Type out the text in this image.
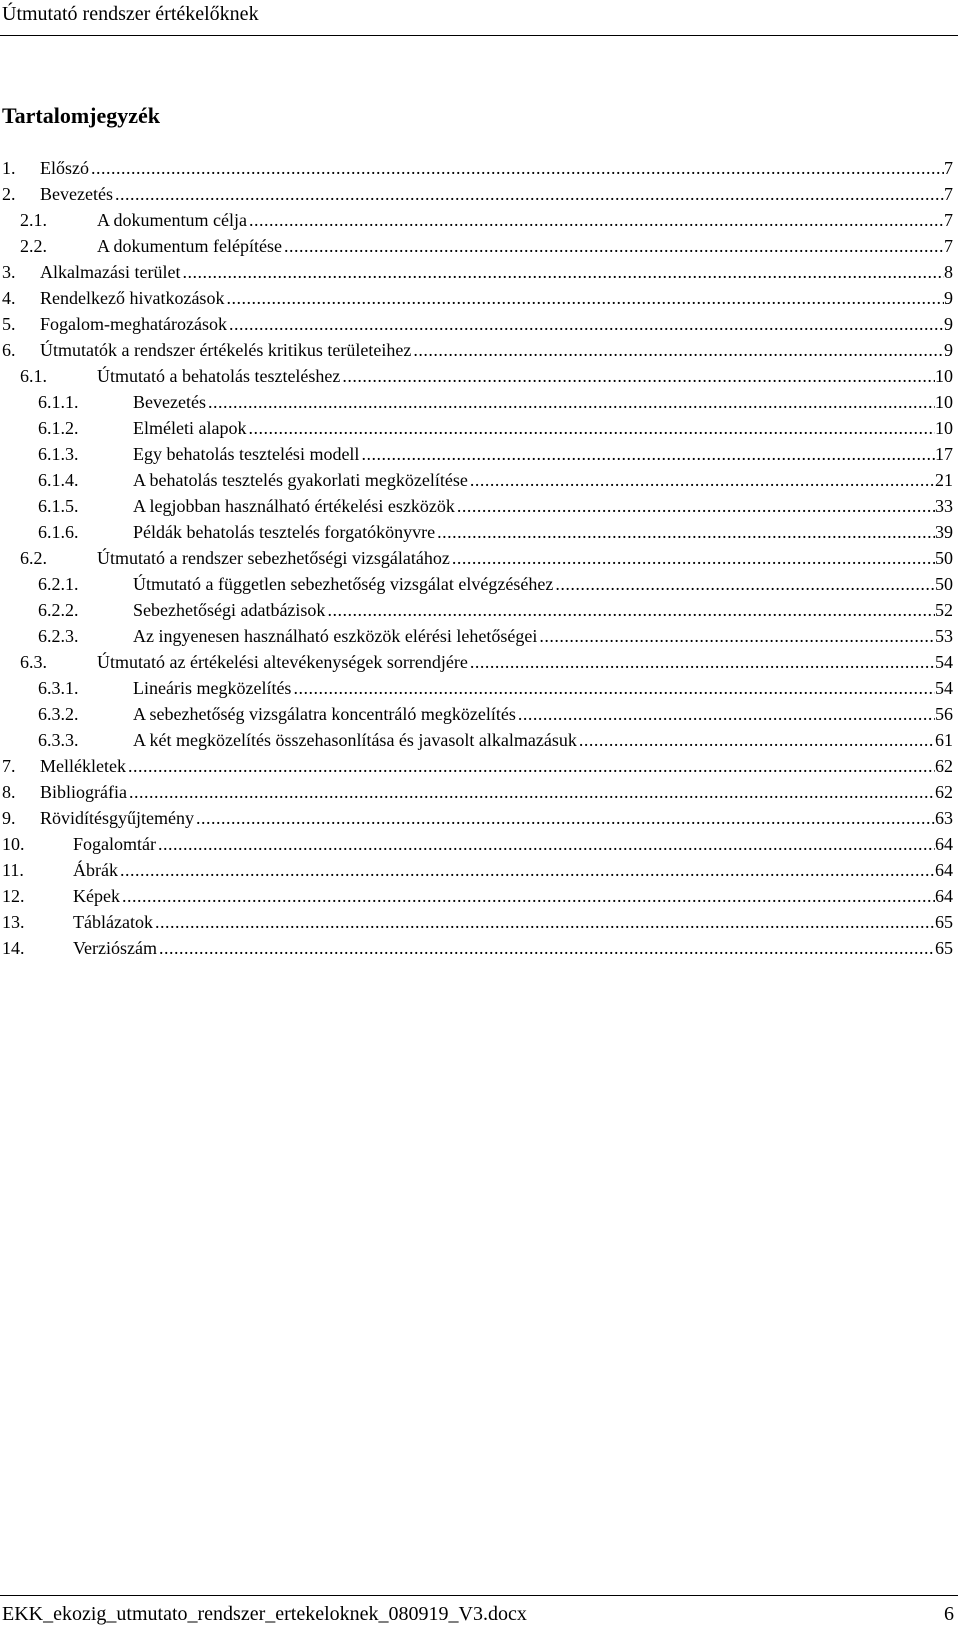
Útmutató rendszer értékelőknek
Tartalomjegyzék
1. Előszó .....	7
2. Bevezetés .....	7
2.1.	A dokumentum célja .....	7
2.2.	A dokumentum felépítése .....	7
3. Alkalmazási terület .....	8
4. Rendelkező hivatkozások .....	9
5. Fogalom-meghatározások .....	9
6. Útmutatók a rendszer értékelés kritikus területeihez .....	9
6.1.	Útmutató a behatolás teszteléshez .....	10
6.1.1.	Bevezetés .....	10
6.1.2.	Elméleti alapok .....	10
6.1.3.	Egy behatolás tesztelési modell .....	17
6.1.4.	A behatolás tesztelés gyakorlati megközelítése .....	21
6.1.5.	A legjobban használható értékelési eszközök .....	33
6.1.6.	Példák behatolás tesztelés forgatókönyvre .....	39
6.2.	Útmutató a rendszer sebezhetőségi vizsgálatához .....	50
6.2.1.	Útmutató a független sebezhetőség vizsgálat elvégzéséhez .....	50
6.2.2.	Sebezhetőségi adatbázisok .....	52
6.2.3.	Az ingyenesen használható eszközök elérési lehetőségei .....	53
6.3.	Útmutató az értékelési altevékenységek sorrendjére .....	54
6.3.1.	Lineáris megközelítés .....	54
6.3.2.	A sebezhetőség vizsgálatra koncentráló megközelítés .....	56
6.3.3.	A két megközelítés összehasonlítása és javasolt alkalmazásuk .....	61
7. Mellékletek .....	62
8. Bibliográfia .....	62
9. Rövidítésgyűjtemény .....	63
10.	Fogalomtár .....	64
11.	Ábrák .....	64
12.	Képek .....	64
13.	Táblázatok .....	65
14.	Verziószám .....	65
EKK_ekozig_utmutato_rendszer_ertekeloknek_080919_V3.docx	6
